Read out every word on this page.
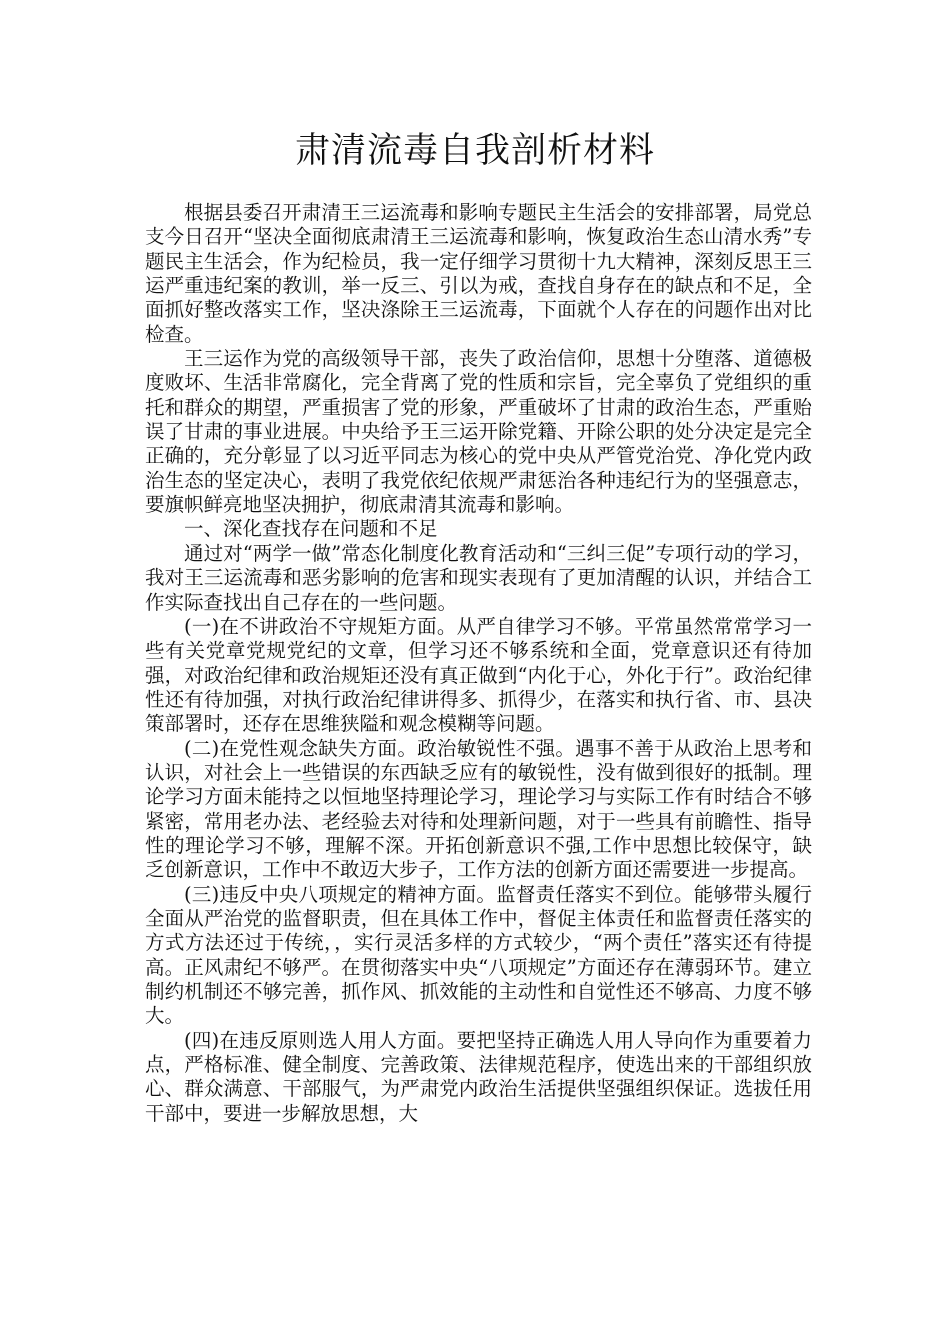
肃清流毒自我剖析材料

根据县委召开肃清王三运流毒和影响专题民主生活会的安排部署，局党总支今日召开“坚决全面彻底肃清王三运流毒和影响，恢复政治生态山清水秀”专题民主生活会，作为纪检员，我一定仔细学习贯彻十九大精神，深刻反思王三运严重违纪案的教训，举一反三、引以为戒，查找自身存在的缺点和不足，全面抓好整改落实工作，坚决涤除王三运流毒，下面就个人存在的问题作出对比检查。

王三运作为党的高级领导干部，丧失了政治信仰，思想十分堕落、道德极度败坏、生活非常腐化，完全背离了党的性质和宗旨，完全辜负了党组织的重托和群众的期望，严重损害了党的形象，严重破坏了甘肃的政治生态，严重贻误了甘肃的事业进展。中央给予王三运开除党籍、开除公职的处分决定是完全正确的，充分彰显了以习近平同志为核心的党中央从严管党治党、净化党内政治生态的坚定决心，表明了我党依纪依规严肃惩治各种违纪行为的坚强意志，要旗帜鲜亮地坚决拥护，彻底肃清其流毒和影响。

一、深化查找存在问题和不足

通过对“两学一做”常态化制度化教育活动和“三纠三促”专项行动的学习，我对王三运流毒和恶劣影响的危害和现实表现有了更加清醒的认识，并结合工作实际查找出自己存在的一些问题。

(一)在不讲政治不守规矩方面。从严自律学习不够。平常虽然常常学习一些有关党章党规党纪的文章，但学习还不够系统和全面，党章意识还有待加强，对政治纪律和政治规矩还没有真正做到“内化于心，外化于行”。政治纪律性还有待加强，对执行政治纪律讲得多、抓得少，在落实和执行省、市、县决策部署时，还存在思维狭隘和观念模糊等问题。

(二)在党性观念缺失方面。政治敏锐性不强。遇事不善于从政治上思考和认识，对社会上一些错误的东西缺乏应有的敏锐性，没有做到很好的抵制。理论学习方面未能持之以恒地坚持理论学习，理论学习与实际工作有时结合不够紧密，常用老办法、老经验去对待和处理新问题，对于一些具有前瞻性、指导性的理论学习不够，理解不深。开拓创新意识不强,工作中思想比较保守，缺乏创新意识，工作中不敢迈大步子，工作方法的创新方面还需要进一步提高。

(三)违反中央八项规定的精神方面。监督责任落实不到位。能够带头履行全面从严治党的监督职责，但在具体工作中，督促主体责任和监督责任落实的方式方法还过于传统，，实行灵活多样的方式较少，“两个责任”落实还有待提高。正风肃纪不够严。在贯彻落实中央“八项规定”方面还存在薄弱环节。建立制约机制还不够完善，抓作风、抓效能的主动性和自觉性还不够高、力度不够大。

(四)在违反原则选人用人方面。要把坚持正确选人用人导向作为重要着力点，严格标准、健全制度、完善政策、法律规范程序，使选出来的干部组织放心、群众满意、干部服气，为严肃党内政治生活提供坚强组织保证。选拔任用干部中，要进一步解放思想，大
